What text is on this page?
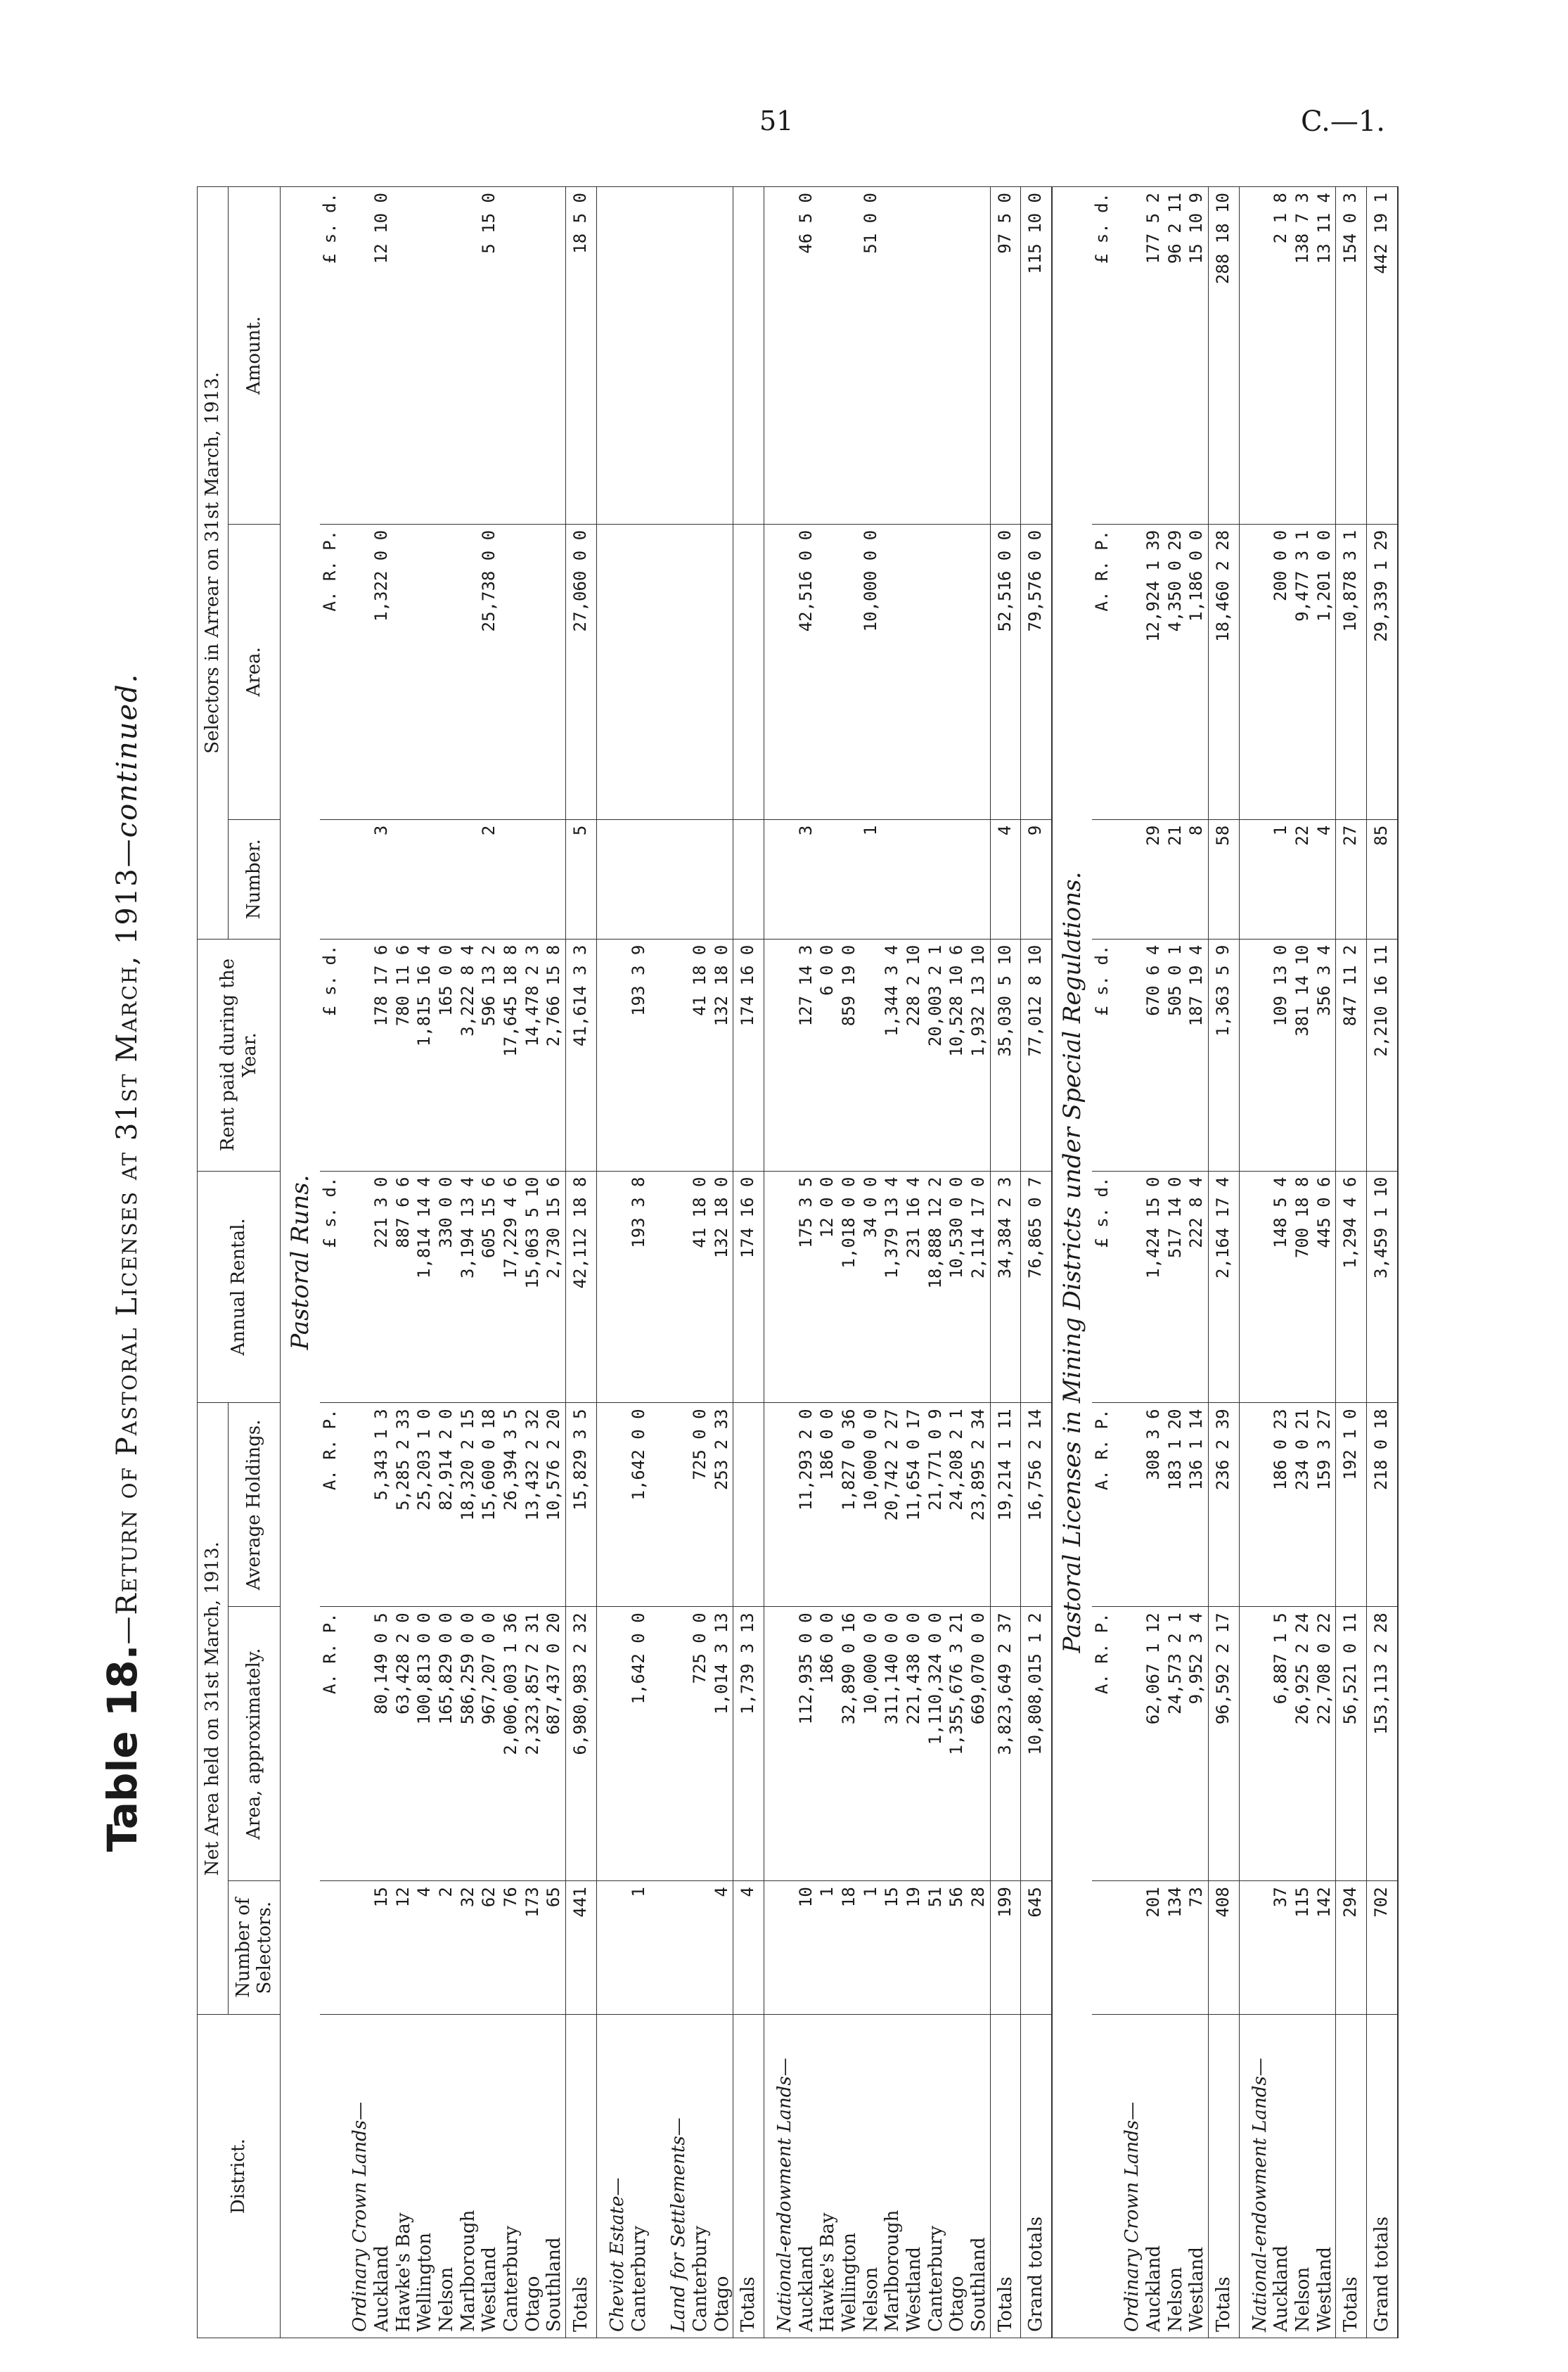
51	C.—1.
Table 18.—Return of Pastoral Licenses at 31st March, 1913—continued.
District.	Net Area held on 31st March, 1913.			Annual Rental.	Rent paid during the Year.	Selectors in Arrear on 31st March, 1913.		
	Number of Selectors.	Area, approximately.	Average Holdings.			Number.	Area.	Amount.
Pastoral Runs.								
		A. R. P.	A. R. P.	£ s. d.	£ s. d.		A. R. P.	£ s. d.
Ordinary Crown Lands—								
Auckland	15	80,149 0 5	5,343 1 3	221 3 0	178 17 6	3	1,322 0 0	12 10 0
Hawke's Bay	12	63,428 2 0	5,285 2 33	887 6 6	780 11 6			
Wellington	4	100,813 0 0	25,203 1 0	1,814 14 4	1,815 16 4			
Nelson	2	165,829 0 0	82,914 2 0	330 0 0	165 0 0			
Marlborough	32	586,259 0 0	18,320 2 15	3,194 13 4	3,222 8 4			
Westland	62	967,207 0 0	15,600 0 18	605 15 6	596 13 2	2	25,738 0 0	5 15 0
Canterbury	76	2,006,003 1 36	26,394 3 5	17,229 4 6	17,645 18 8			
Otago	173	2,323,857 2 31	13,432 2 32	15,063 5 10	14,478 2 3			
Southland	65	687,437 0 20	10,576 2 20	2,730 15 6	2,766 15 8			
Totals	441	6,980,983 2 32	15,829 3 5	42,112 18 8	41,614 3 3	5	27,060 0 0	18 5 0
Cheviot Estate—								
Canterbury	1	1,642 0 0	1,642 0 0	193 3 8	193 3 9			

Land for Settlements—								
Canterbury		725 0 0	725 0 0	41 18 0	41 18 0			
Otago	4	1,014 3 13	253 2 33	132 18 0	132 18 0			
Totals	4	1,739 3 13		174 16 0	174 16 0			
National-endowment Lands—								
Auckland	10	112,935 0 0	11,293 2 0	175 3 5	127 14 3	3	42,516 0 0	46 5 0
Hawke's Bay	1	186 0 0	186 0 0	12 0 0	6 0 0			
Wellington	18	32,890 0 16	1,827 0 36	1,018 0 0	859 19 0			
Nelson	1	10,000 0 0	10,000 0 0	34 0 0		1	10,000 0 0	51 0 0
Marlborough	15	311,140 0 0	20,742 2 27	1,379 13 4	1,344 3 4			
Westland	19	221,438 0 0	11,654 0 17	231 16 4	228 2 10			
Canterbury	51	1,110,324 0 0	21,771 0 9	18,888 12 2	20,003 2 1			
Otago	56	1,355,676 3 21	24,208 2 1	10,530 0 0	10,528 10 6			
Southland	28	669,070 0 0	23,895 2 34	2,114 17 0	1,932 13 10			
Totals	199	3,823,649 2 37	19,214 1 11	34,384 2 3	35,030 5 10	4	52,516 0 0	97 5 0
Grand totals	645	10,808,015 1 2	16,756 2 14	76,865 0 7	77,012 8 10	9	79,576 0 0	115 10 0
Pastoral Licenses in Mining Districts under Special Regulations.								
		A. R. P.	A. R. P.	£ s. d.	£ s. d.		A. R. P.	£ s. d.
Ordinary Crown Lands—								
Auckland	201	62,067 1 12	308 3 6	1,424 15 0	670 6 4	29	12,924 1 39	177 5 2
Nelson	134	24,573 2 1	183 1 20	517 14 0	505 0 1	21	4,350 0 29	96 2 11
Westland	73	9,952 3 4	136 1 14	222 8 4	187 19 4	8	1,186 0 0	15 10 9
Totals	408	96,592 2 17	236 2 39	2,164 17 4	1,363 5 9	58	18,460 2 28	288 18 10
National-endowment Lands—								
Auckland	37	6,887 1 5	186 0 23	148 5 4	109 13 0	1	200 0 0	2 1 8
Nelson	115	26,925 2 24	234 0 21	700 18 8	381 14 10	22	9,477 3 1	138 7 3
Westland	142	22,708 0 22	159 3 27	445 0 6	356 3 4	4	1,201 0 0	13 11 4
Totals	294	56,521 0 11	192 1 0	1,294 4 6	847 11 2	27	10,878 3 1	154 0 3
Grand totals	702	153,113 2 28	218 0 18	3,459 1 10	2,210 16 11	85	29,339 1 29	442 19 1
